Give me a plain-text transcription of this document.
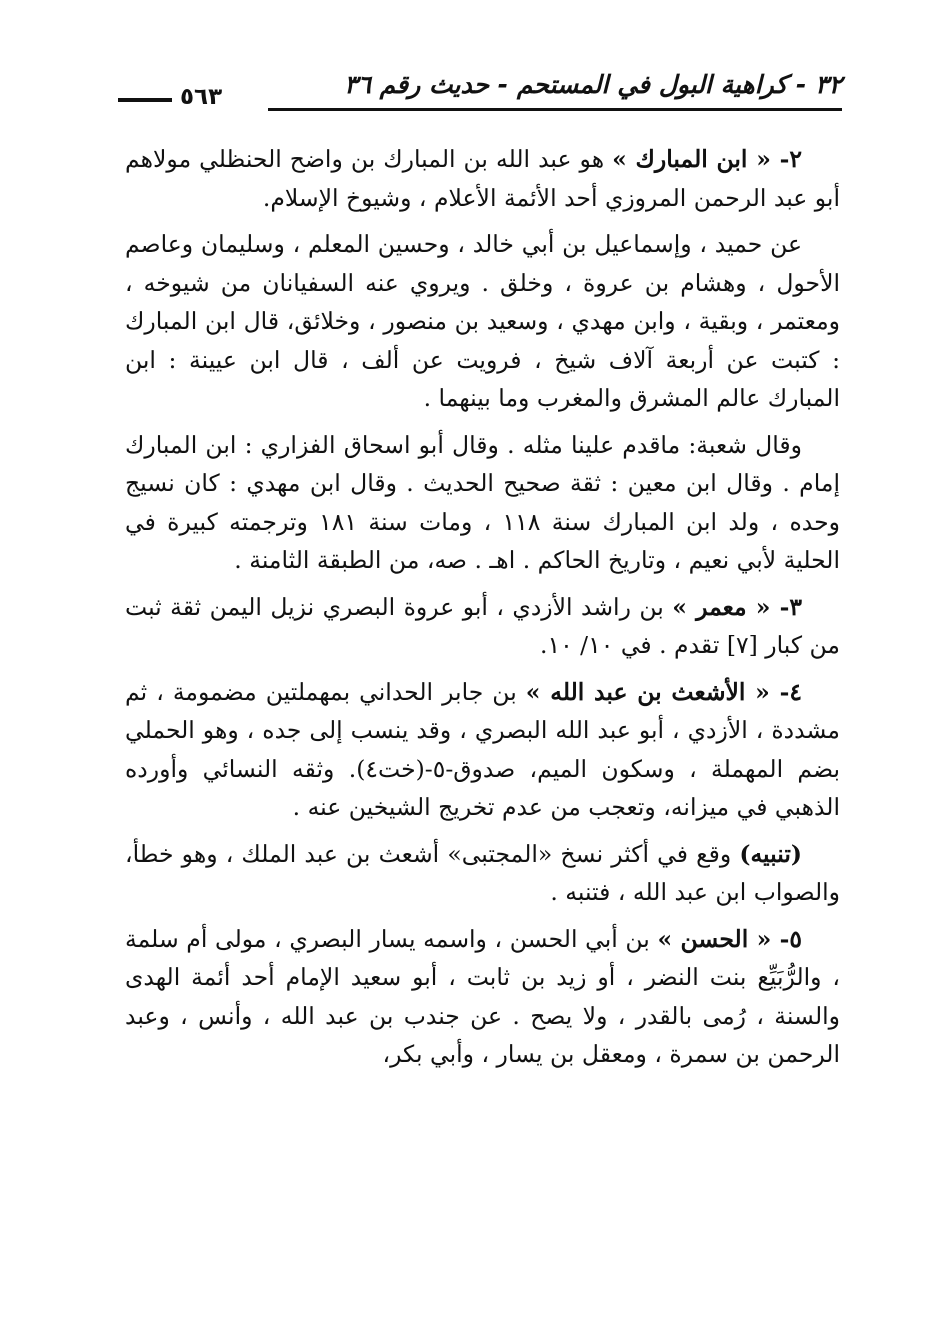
٣٢ - كراهية البول في المستحم - حديث رقم ٣٦
٥٦٣

٢- « ابن المبارك » هو عبد الله بن المبارك بن واضح الحنظلي مولاهم أبو عبد الرحمن المروزي أحد الأئمة الأعلام ، وشيوخ الإسلام.

عن حميد ، وإسماعيل بن أبي خالد ، وحسين المعلم ، وسليمان وعاصم الأحول ، وهشام بن عروة ، وخلق . ويروي عنه السفيانان من شيوخه ، ومعتمر ، وبقية ، وابن مهدي ، وسعيد بن منصور ، وخلائق، قال ابن المبارك : كتبت عن أربعة آلاف شيخ ، فرويت عن ألف ، قال ابن عيينة : ابن المبارك عالم المشرق والمغرب وما بينهما .

وقال شعبة: ماقدم علينا مثله . وقال أبو اسحاق الفزاري : ابن المبارك إمام . وقال ابن معين : ثقة صحيح الحديث . وقال ابن مهدي : كان نسيج وحده ، ولد ابن المبارك سنة ١١٨ ، ومات سنة ١٨١ وترجمته كبيرة في الحلية لأبي نعيم ، وتاريخ الحاكم . اهـ . صه، من الطبقة الثامنة .

٣- « معمر » بن راشد الأزدي ، أبو عروة البصري نزيل اليمن ثقة ثبت من كبار [٧] تقدم . في ١٠/ ١٠.

٤- « الأشعث بن عبد الله » بن جابر الحداني بمهملتين مضمومة ، ثم مشددة ، الأزدي ، أبو عبد الله البصري ، وقد ينسب إلى جده ، وهو الحملي بضم المهملة ، وسكون الميم، صدوق-٥-(خت٤). وثقه النسائي وأورده الذهبي في ميزانه، وتعجب من عدم تخريج الشيخين عنه .

(تنبيه) وقع في أكثر نسخ «المجتبى» أشعث بن عبد الملك ، وهو خطأ، والصواب ابن عبد الله ، فتنبه .

٥- « الحسن » بن أبي الحسن ، واسمه يسار البصري ، مولى أم سلمة ، والرُّبَيِّع بنت النضر ، أو زيد بن ثابت ، أبو سعيد الإمام أحد أئمة الهدى والسنة ، رُمى بالقدر ، ولا يصح . عن جندب بن عبد الله ، وأنس ، وعبد الرحمن بن سمرة ، ومعقل بن يسار ، وأبي بكر،
